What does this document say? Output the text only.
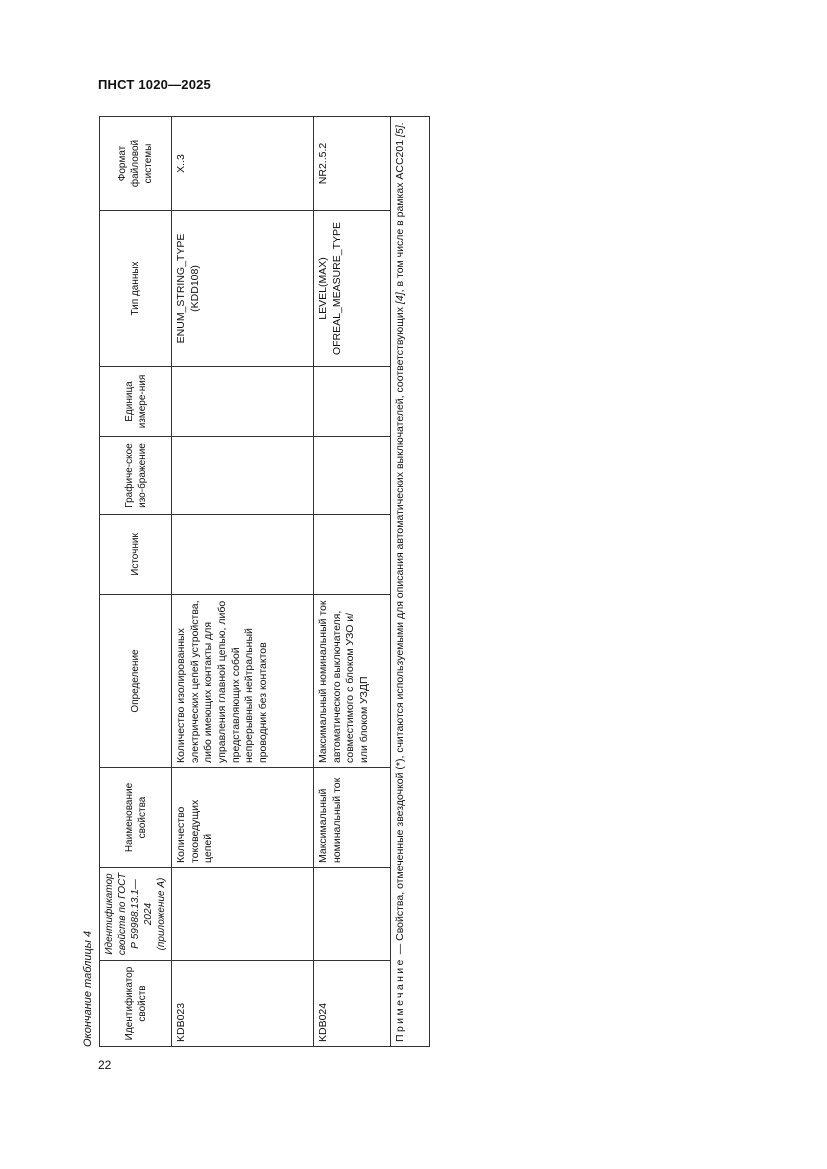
ПНСТ 1020—2025
Окончание таблицы 4	Идентификатор свойств	Идентификатор свойств по ГОСТ Р 59988.13.1—2024 (приложение А)	Наименование свойства	Определение	Источник	Графиче-ское изо-бражение	Единица измере-ния	Тип данных	Формат файловой системы
KDB023		Количество токоведущих цепей	Количество изолированных электрических цепей устройства, либо имеющих контакты для управления главной цепью, либо представляющих собой непрерывный нейтральный проводник без контактов				ENUM_STRING_TYPE (KDD108)	X..3
KDB024		Максимальный номинальный ток	Максимальный номинальный ток автоматического выключателя, совместимого с блоком УЗО и/или блоком УЗДП				LEVEL(MAX) OFREAL_MEASURE_TYPE	NR2..5.2
Примечание — Свойства, отмеченные звездочкой (*), считаются используемыми для описания автоматических выключателей, соответствующих [4], в том числе в рамках ACC201 [5].								
22
